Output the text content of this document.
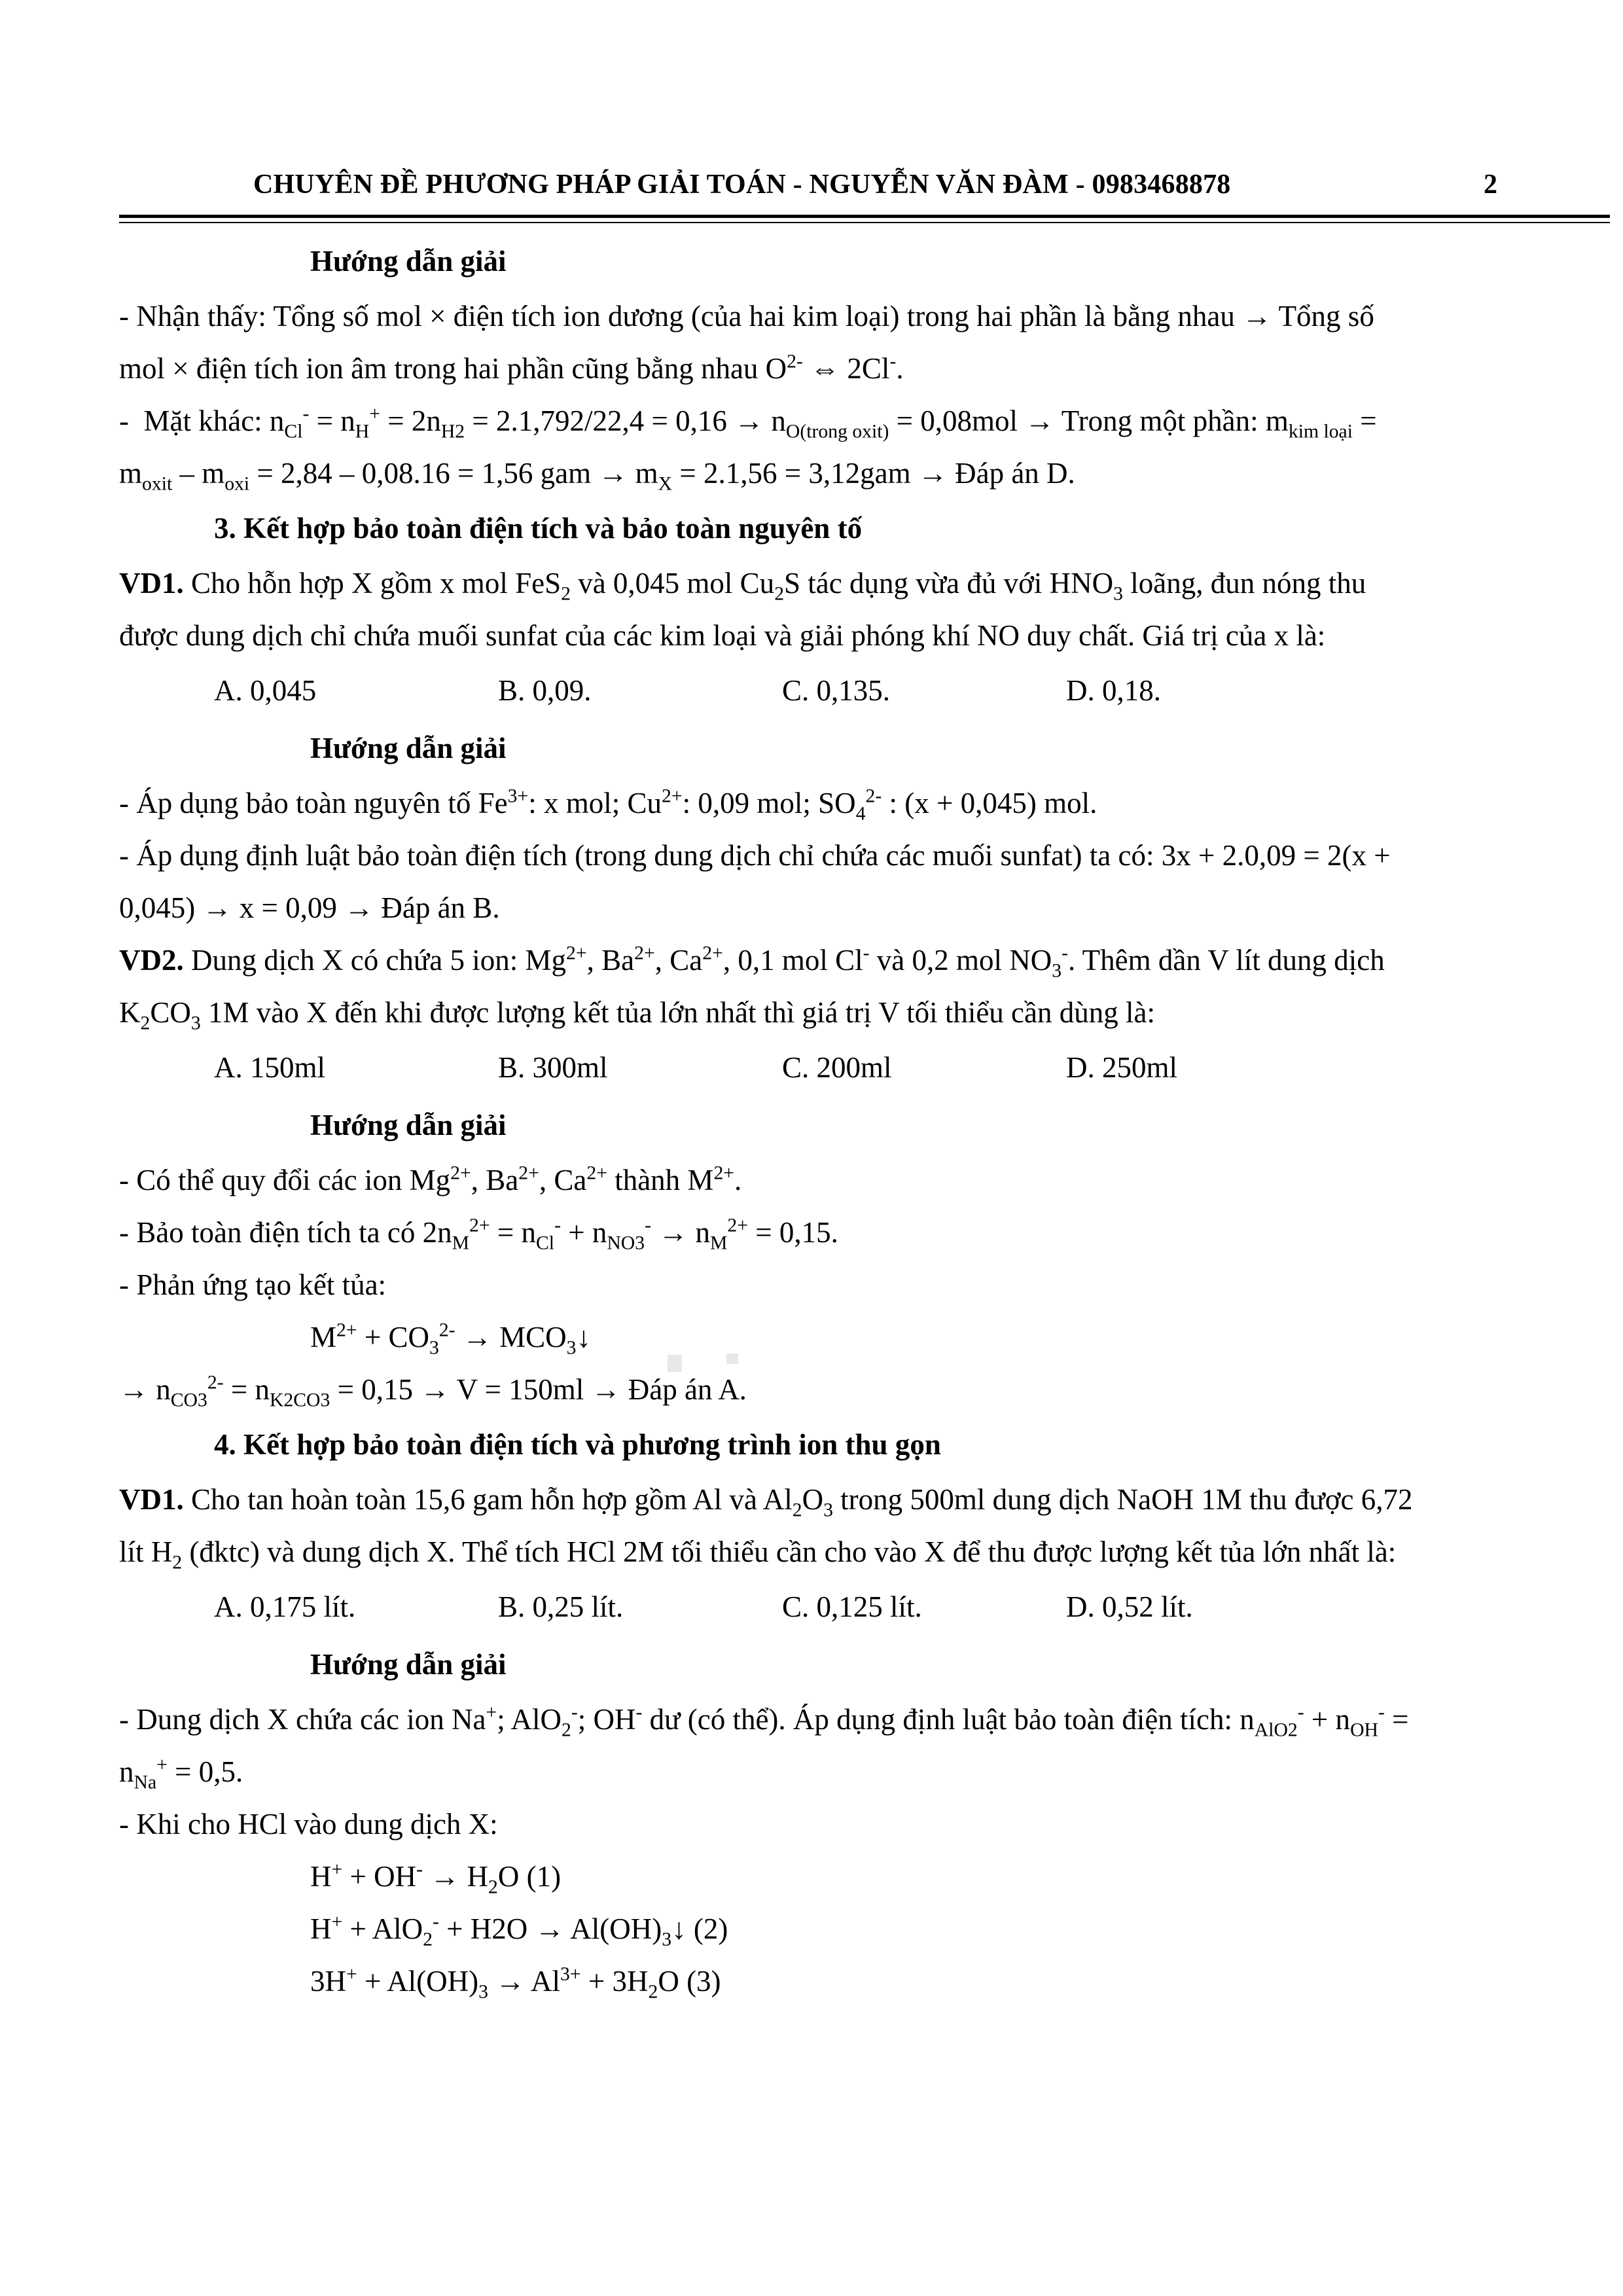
CHUYÊN ĐỀ PHƯƠNG PHÁP GIẢI TOÁN - NGUYỄN VĂN ĐÀM - 0983468878	2
Hướng dẫn giải
- Nhận thấy: Tổng số mol × điện tích ion dương (của hai kim loại) trong hai phần là bằng nhau → Tổng số
mol × điện tích ion âm trong hai phần cũng bằng nhau $O^{2-}$ ⇔ 2Cl-.
-  Mặt khác: $n_{Cl}^- = n_H^+ = 2n_{H2} = 2.1,792/22,4 = 0,16 \to n_{O(trong oxit)} = 0,08mol$ → Trong một phần: $m_{kim loại}$ =
$m_{oxit} - m_{oxi} = 2,84 - 0,08.16 = 1,56$ gam → $m_X = 2.1,56 = 3,12gam$ → Đáp án D.
3. Kết hợp bảo toàn điện tích và bảo toàn nguyên tố
VD1. Cho hỗn hợp X gồm x mol FeS$_2$ và 0,045 mol $Cu_2S$ tác dụng vừa đủ với $HNO_3$ loãng, đun nóng thu
được dung dịch chỉ chứa muối sunfat của các kim loại và giải phóng khí NO duy chất. Giá trị của x là:
A. 0,045	B. 0,09.	C. 0,135.	D. 0,18.
Hướng dẫn giải
- Áp dụng bảo toàn nguyên tố $Fe^{3+}$: x mol; $Cu^{2+}$: 0,09 mol; $SO_4^{2-}$ : (x + 0,045) mol.
- Áp dụng định luật bảo toàn điện tích (trong dung dịch chỉ chứa các muối sunfat) ta có: 3x + 2.0,09 = 2(x +
0,045) → x = 0,09 → Đáp án B.
VD2. Dung dịch X có chứa 5 ion: $Mg^{2+}$, $Ba^{2+}$, $Ca^{2+}$, 0,1 mol Cl- và 0,2 mol $NO_3^-$. Thêm dần V lít dung dịch
$K_2CO_3$ 1M vào X đến khi được lượng kết tủa lớn nhất thì giá trị V tối thiểu cần dùng là:
A. 150ml	B. 300ml	C. 200ml	D. 250ml
Hướng dẫn giải
- Có thể quy đổi các ion $Mg^{2+}$, $Ba^{2+}$, $Ca^{2+}$ thành $M^{2+}$.
- Bảo toàn điện tích ta có $2n_M^{2+} = n_{Cl}^- + n_{NO3}^- \to n_M^{2+} = 0,15$.
- Phản ứng tạo kết tủa:
$M^{2+} + CO_3^{2-}$ → $MCO_3↓$
→ $n_{CO3}^{2-} = n_{K2CO3} = 0,15 \to V = 150ml$ → Đáp án A.
4. Kết hợp bảo toàn điện tích và phương trình ion thu gọn
VD1. Cho tan hoàn toàn 15,6 gam hỗn hợp gồm Al và $Al_2O_3$ trong 500ml dung dịch NaOH 1M thu được 6,72
lít $H_2$ (đktc) và dung dịch X. Thể tích HCl 2M tối thiểu cần cho vào X để thu được lượng kết tủa lớn nhất là:
A. 0,175 lít.	B. 0,25 lít.	C. 0,125 lít.	D. 0,52 lít.
Hướng dẫn giải
- Dung dịch X chứa các ion Na+; AlO$_2$-; OH- dư (có thể). Áp dụng định luật bảo toàn điện tích: $n_{AlO2}^- + n_{OH}^-$ =
$n_{Na}^+ = 0,5$.
- Khi cho HCl vào dung dịch X:
$H^+ + OH^- \to H_2O$ (1)
$H^+ + AlO_2^- + H2O \to Al(OH)_3↓$ (2)
$3H^+ + Al(OH)_3 \to Al^{3+} + 3H_2O$ (3)
